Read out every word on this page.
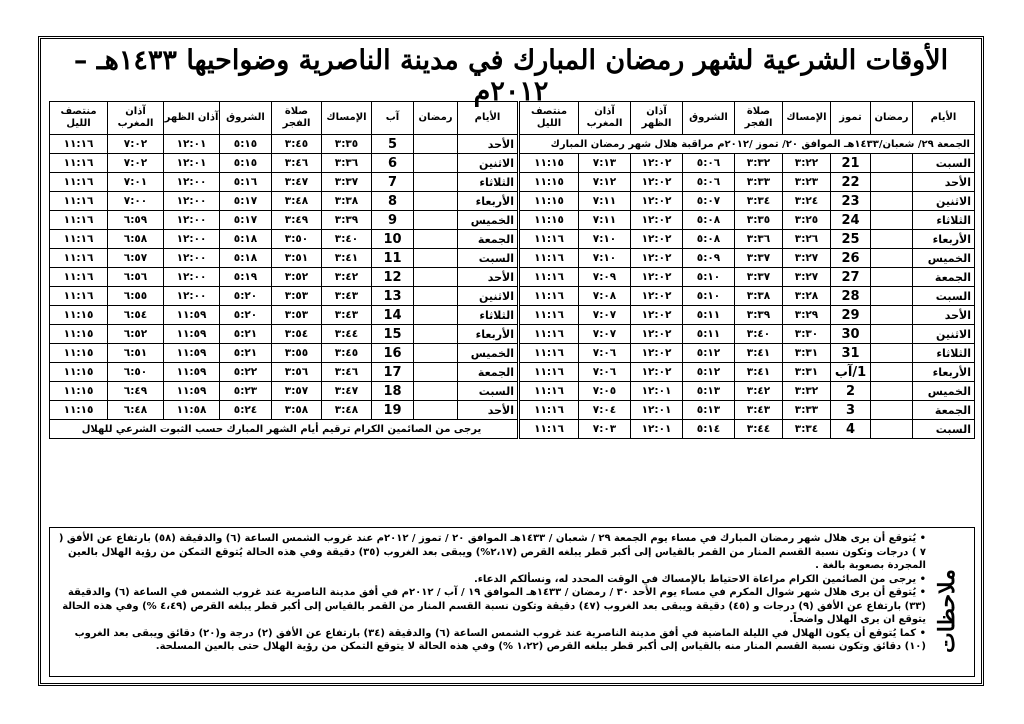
الأوقات الشرعية لشهر رمضان المبارك في مدينة الناصرية وضواحيها ١٤٣٣هـ – ٢٠١٢م
الأيام	رمضان	تموز	الإمساك	صلاة الفجر	الشروق	آذان الظهر	آذان المغرب	منتصف الليل
الجمعة ٢٩/ شعبان/١٤٣٣هـ الموافق ٢٠/ تموز /٢٠١٢م مراقبة هلال شهر رمضان المبارك								
السبت		21	٣:٢٢	٣:٣٢	٥:٠٦	١٢:٠٢	٧:١٣	١١:١٥
الأحد		22	٣:٢٣	٣:٣٣	٥:٠٦	١٢:٠٢	٧:١٢	١١:١٥
الاثنين		23	٣:٢٤	٣:٣٤	٥:٠٧	١٢:٠٢	٧:١١	١١:١٥
الثلاثاء		24	٣:٢٥	٣:٣٥	٥:٠٨	١٢:٠٢	٧:١١	١١:١٥
الأربعاء		25	٣:٢٦	٣:٣٦	٥:٠٨	١٢:٠٢	٧:١٠	١١:١٦
الخميس		26	٣:٢٧	٣:٣٧	٥:٠٩	١٢:٠٢	٧:١٠	١١:١٦
الجمعة		27	٣:٢٧	٣:٣٧	٥:١٠	١٢:٠٢	٧:٠٩	١١:١٦
السبت		28	٣:٢٨	٣:٣٨	٥:١٠	١٢:٠٢	٧:٠٨	١١:١٦
الأحد		29	٣:٢٩	٣:٣٩	٥:١١	١٢:٠٢	٧:٠٧	١١:١٦
الاثنين		30	٣:٣٠	٣:٤٠	٥:١١	١٢:٠٢	٧:٠٧	١١:١٦
الثلاثاء		31	٣:٣١	٣:٤١	٥:١٢	١٢:٠٢	٧:٠٦	١١:١٦
الأربعاء		1/آب	٣:٣١	٣:٤١	٥:١٢	١٢:٠٢	٧:٠٦	١١:١٦
الخميس		2	٣:٣٢	٣:٤٢	٥:١٣	١٢:٠١	٧:٠٥	١١:١٦
الجمعة		3	٣:٣٣	٣:٤٣	٥:١٣	١٢:٠١	٧:٠٤	١١:١٦
السبت		4	٣:٣٤	٣:٤٤	٥:١٤	١٢:٠١	٧:٠٣	١١:١٦
الأيام	رمضان	آب	الإمساك	صلاة الفجر	الشروق	آذان الظهر	آذان المغرب	منتصف الليل
الأحد		5	٣:٣٥	٣:٤٥	٥:١٥	١٢:٠١	٧:٠٢	١١:١٦
الاثنين		6	٣:٣٦	٣:٤٦	٥:١٥	١٢:٠١	٧:٠٢	١١:١٦
الثلاثاء		7	٣:٣٧	٣:٤٧	٥:١٦	١٢:٠٠	٧:٠١	١١:١٦
الأربعاء		8	٣:٣٨	٣:٤٨	٥:١٧	١٢:٠٠	٧:٠٠	١١:١٦
الخميس		9	٣:٣٩	٣:٤٩	٥:١٧	١٢:٠٠	٦:٥٩	١١:١٦
الجمعة		10	٣:٤٠	٣:٥٠	٥:١٨	١٢:٠٠	٦:٥٨	١١:١٦
السبت		11	٣:٤١	٣:٥١	٥:١٨	١٢:٠٠	٦:٥٧	١١:١٦
الأحد		12	٣:٤٢	٣:٥٢	٥:١٩	١٢:٠٠	٦:٥٦	١١:١٦
الاثنين		13	٣:٤٣	٣:٥٣	٥:٢٠	١٢:٠٠	٦:٥٥	١١:١٦
الثلاثاء		14	٣:٤٣	٣:٥٣	٥:٢٠	١١:٥٩	٦:٥٤	١١:١٥
الأربعاء		15	٣:٤٤	٣:٥٤	٥:٢١	١١:٥٩	٦:٥٢	١١:١٥
الخميس		16	٣:٤٥	٣:٥٥	٥:٢١	١١:٥٩	٦:٥١	١١:١٥
الجمعة		17	٣:٤٦	٣:٥٦	٥:٢٢	١١:٥٩	٦:٥٠	١١:١٥
السبت		18	٣:٤٧	٣:٥٧	٥:٢٣	١١:٥٩	٦:٤٩	١١:١٥
الأحد		19	٣:٤٨	٣:٥٨	٥:٢٤	١١:٥٨	٦:٤٨	١١:١٥
يرجى من الصائمين الكرام ترقيم أيام الشهر المبارك حسب الثبوت الشرعي للهلال								
ملاحظات

• يُتوقع أن يرى هلال شهر رمضان المبارك في مساء يوم الجمعة ٢٩ / شعبان / ١٤٣٣هـ الموافق ٢٠ / تموز / ٢٠١٢م عند غروب الشمس الساعة (٦) والدقيقة (٥٨) بارتفاع عن الأفق ( ٧ ) درجات وتكون نسبة القسم المنار من القمر بالقياس إلى أكبر قطر يبلغه القرص (٢،١٧%) ويبقى بعد الغروب (٣٥) دقيقة وفي هذه الحالة يُتوقع التمكن من رؤية الهلال بالعين المجردة بصعوبة بالغة .

• يرجى من الصائمين الكرام مراعاة الاحتياط بالإمساك في الوقت المحدد له، ونسألكم الدعاء.

• يُتوقع أن يرى هلال شهر شوال المكرم في مساء يوم الأحد ٣٠ / رمضان / ١٤٣٣هـ الموافق ١٩ / آب / ٢٠١٢م في أفق مدينة الناصرية عند غروب الشمس في الساعة (٦) والدقيقة (٣٣) بارتفاع عن الأفق (٩) درجات و (٤٥) دقيقة ويبقى بعد الغروب (٤٧) دقيقة وتكون نسبة القسم المنار من القمر بالقياس إلى أكبر قطر يبلغه القرص (٤،٤٩ %) وفي هذه الحالة يتوقع ان يرى الهلال واضحاً.

• كما يُتوقع أن يكون الهلال في الليلة الماضية في أفق مدينة الناصرية عند غروب الشمس الساعة (٦) والدقيقة (٣٤) بارتفاع عن الأفق (٢) درجة و(٢٠) دقائق ويبقى بعد الغروب (١٠) دقائق وتكون نسبة القسم المنار منه بالقياس إلى أكبر قطر يبلغه القرص (١،٢٢ %) وفي هذه الحالة لا يتوقع التمكن من رؤية الهلال حتى بالعين المسلحة.
